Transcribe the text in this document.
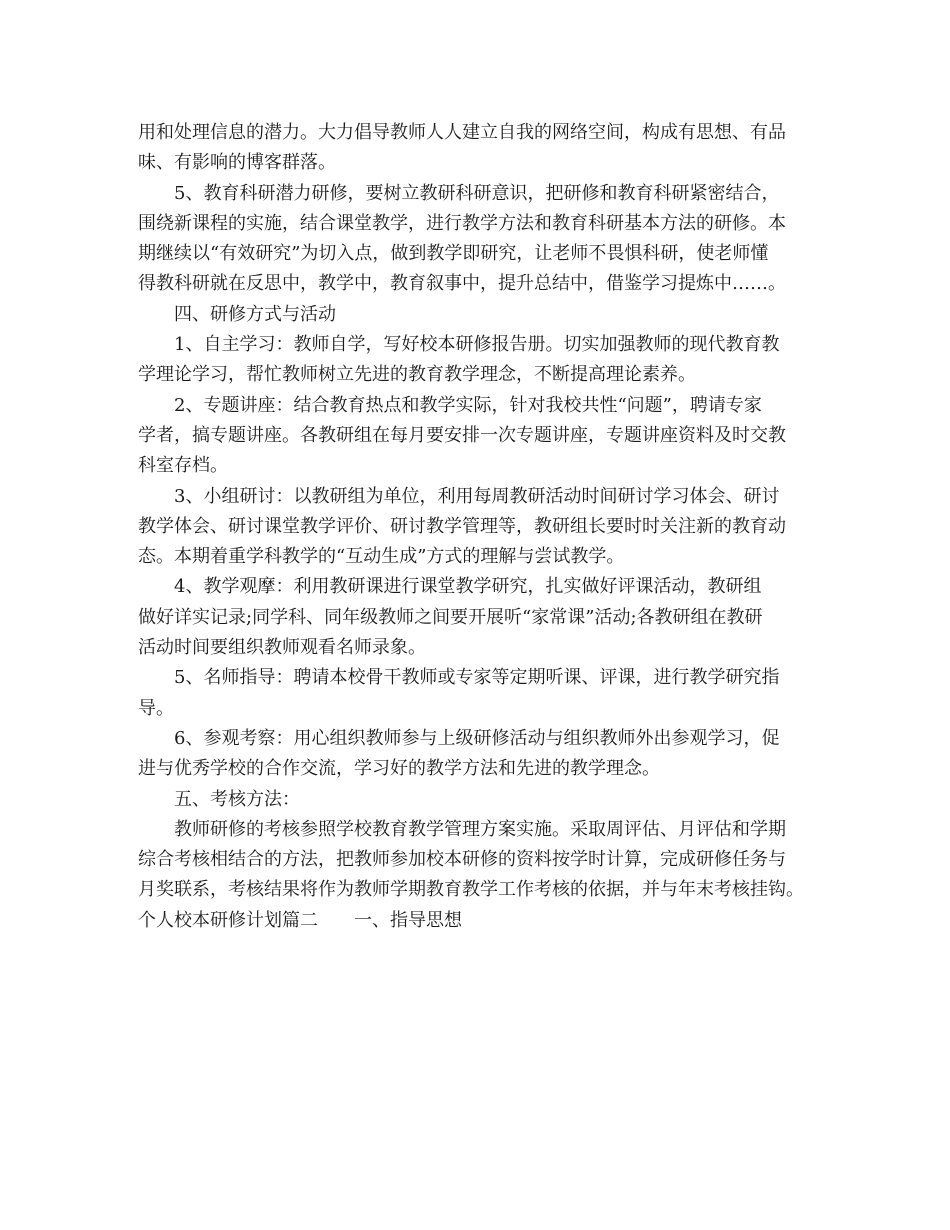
用和处理信息的潜力。大力倡导教师人人建立自我的网络空间，构成有思想、有品
味、有影响的博客群落。
5、教育科研潜力研修，要树立教研科研意识，把研修和教育科研紧密结合，
围绕新课程的实施，结合课堂教学，进行教学方法和教育科研基本方法的研修。本
期继续以“有效研究”为切入点，做到教学即研究，让老师不畏惧科研，使老师懂
得教科研就在反思中，教学中，教育叙事中，提升总结中，借鉴学习提炼中……。
四、研修方式与活动
1、自主学习：教师自学，写好校本研修报告册。切实加强教师的现代教育教
学理论学习，帮忙教师树立先进的教育教学理念，不断提高理论素养。
2、专题讲座：结合教育热点和教学实际，针对我校共性“问题”，聘请专家
学者，搞专题讲座。各教研组在每月要安排一次专题讲座，专题讲座资料及时交教
科室存档。
3、小组研讨：以教研组为单位，利用每周教研活动时间研讨学习体会、研讨
教学体会、研讨课堂教学评价、研讨教学管理等，教研组长要时时关注新的教育动
态。本期着重学科教学的“互动生成”方式的理解与尝试教学。
4、教学观摩：利用教研课进行课堂教学研究，扎实做好评课活动，教研组
做好详实记录;同学科、同年级教师之间要开展听“家常课”活动;各教研组在教研
活动时间要组织教师观看名师录象。
5、名师指导：聘请本校骨干教师或专家等定期听课、评课，进行教学研究指
导。
6、参观考察：用心组织教师参与上级研修活动与组织教师外出参观学习，促
进与优秀学校的合作交流，学习好的教学方法和先进的教学理念。
五、考核方法：
教师研修的考核参照学校教育教学管理方案实施。采取周评估、月评估和学期
综合考核相结合的方法，把教师参加校本研修的资料按学时计算，完成研修任务与
月奖联系，考核结果将作为教师学期教育教学工作考核的依据，并与年末考核挂钩。
个人校本研修计划篇二　　一、指导思想
